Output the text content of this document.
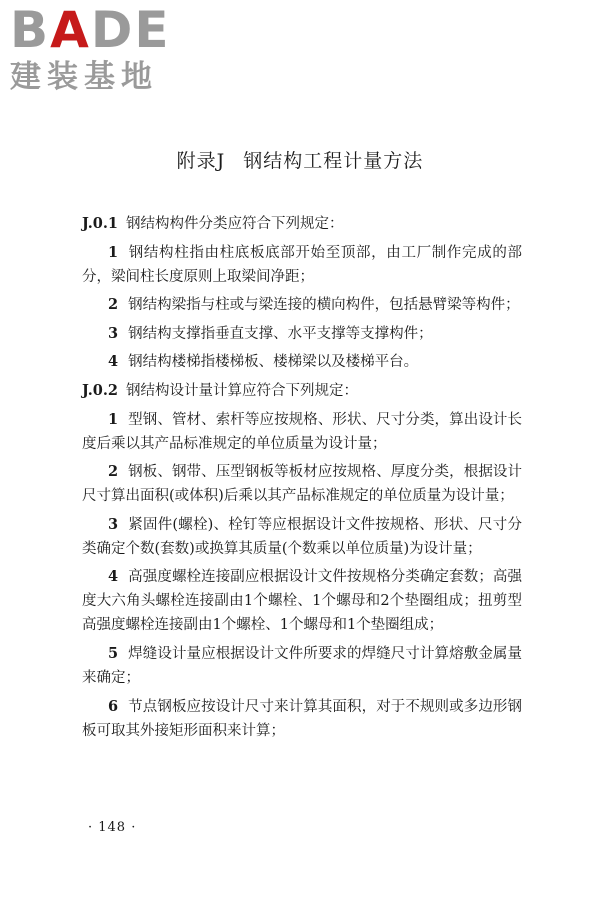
BADE
建装基地
附录J 钢结构工程计量方法
J.0.1 钢结构构件分类应符合下列规定：
1 钢结构柱指由柱底板底部开始至顶部，由工厂制作完成的部分，梁间柱长度原则上取梁间净距；
2 钢结构梁指与柱或与梁连接的横向构件，包括悬臂梁等构件；
3 钢结构支撑指垂直支撑、水平支撑等支撑构件；
4 钢结构楼梯指楼梯板、楼梯梁以及楼梯平台。
J.0.2 钢结构设计量计算应符合下列规定：
1 型钢、管材、索杆等应按规格、形状、尺寸分类，算出设计长度后乘以其产品标准规定的单位质量为设计量；
2 钢板、钢带、压型钢板等板材应按规格、厚度分类，根据设计尺寸算出面积(或体积)后乘以其产品标准规定的单位质量为设计量；
3 紧固件(螺栓)、栓钉等应根据设计文件按规格、形状、尺寸分类确定个数(套数)或换算其质量(个数乘以单位质量)为设计量；
4 高强度螺栓连接副应根据设计文件按规格分类确定套数；高强度大六角头螺栓连接副由1个螺栓、1个螺母和2个垫圈组成；扭剪型高强度螺栓连接副由1个螺栓、1个螺母和1个垫圈组成；
5 焊缝设计量应根据设计文件所要求的焊缝尺寸计算熔敷金属量来确定；
6 节点钢板应按设计尺寸来计算其面积，对于不规则或多边形钢板可取其外接矩形面积来计算；
· 148 ·
